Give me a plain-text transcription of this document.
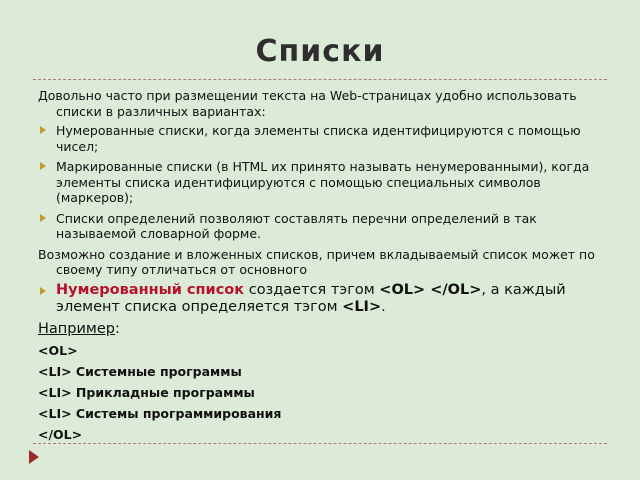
Списки

Довольно часто при размещении текста на Web-страницах удобно использовать списки в различных вариантах:

Нумерованные списки, когда элементы списка идентифицируются с помощью чисел;
Маркированные списки (в HTML их принято называть ненумерованными), когда элементы списка идентифицируются с помощью специальных символов (маркеров);
Списки определений позволяют составлять перечни определений в так называемой словарной форме.

Возможно создание и вложенных списков, причем вкладываемый список может по своему типу отличаться от основного

Нумерованный список создается тэгом <OL> </OL>, а каждый элемент списка определяется тэгом <LI>.
Например:
<OL>
<LI> Системные программы
<LI> Прикладные программы
<LI> Системы программирования
</OL>
